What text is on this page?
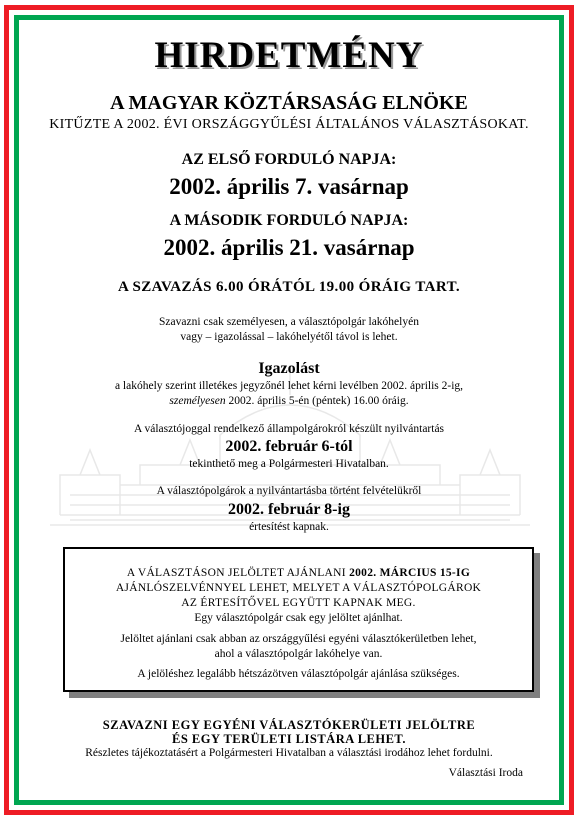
HIRDETMÉNY
A MAGYAR KÖZTÁRSASÁG ELNÖKE
KITŰZTE A 2002. ÉVI ORSZÁGGYŰLÉSI ÁLTALÁNOS VÁLASZTÁSOKAT.
AZ ELSŐ FORDULÓ NAPJA:
2002. április 7. vasárnap
A MÁSODIK FORDULÓ NAPJA:
2002. április 21. vasárnap
A SZAVAZÁS 6.00 ÓRÁTÓL 19.00 ÓRÁIG TART.
Szavazni csak személyesen, a választópolgár lakóhelyén
vagy – igazolással – lakóhelyétől távol is lehet.
Igazolást
a lakóhely szerint illetékes jegyzőnél lehet kérni levélben 2002. április 2-ig,
személyesen 2002. április 5-én (péntek) 16.00 óráig.
A választójoggal rendelkező állampolgárokról készült nyilvántartás
2002. február 6-tól
tekinthető meg a Polgármesteri Hivatalban.
A választópolgárok a nyilvántartásba történt felvételükről
2002. február 8-ig
értesítést kapnak.
A VÁLASZTÁSON JELÖLTET AJÁNLANI 2002. MÁRCIUS 15-IG
AJÁNLÓSZELVÉNNYEL LEHET, MELYET A VÁLASZTÓPOLGÁROK
AZ ÉRTESÍTŐVEL EGYÜTT KAPNAK MEG.
Egy választópolgár csak egy jelöltet ajánlhat.
Jelöltet ajánlani csak abban az országgyűlési egyéni választókerületben lehet,
ahol a választópolgár lakóhelye van.
A jelöléshez legalább hétszázötven választópolgár ajánlása szükséges.
SZAVAZNI EGY EGYÉNI VÁLASZTÓKERÜLETI JELÖLTRE
ÉS EGY TERÜLETI LISTÁRA LEHET.
Részletes tájékoztatásért a Polgármesteri Hivatalban a választási irodához lehet fordulni.
Választási Iroda
